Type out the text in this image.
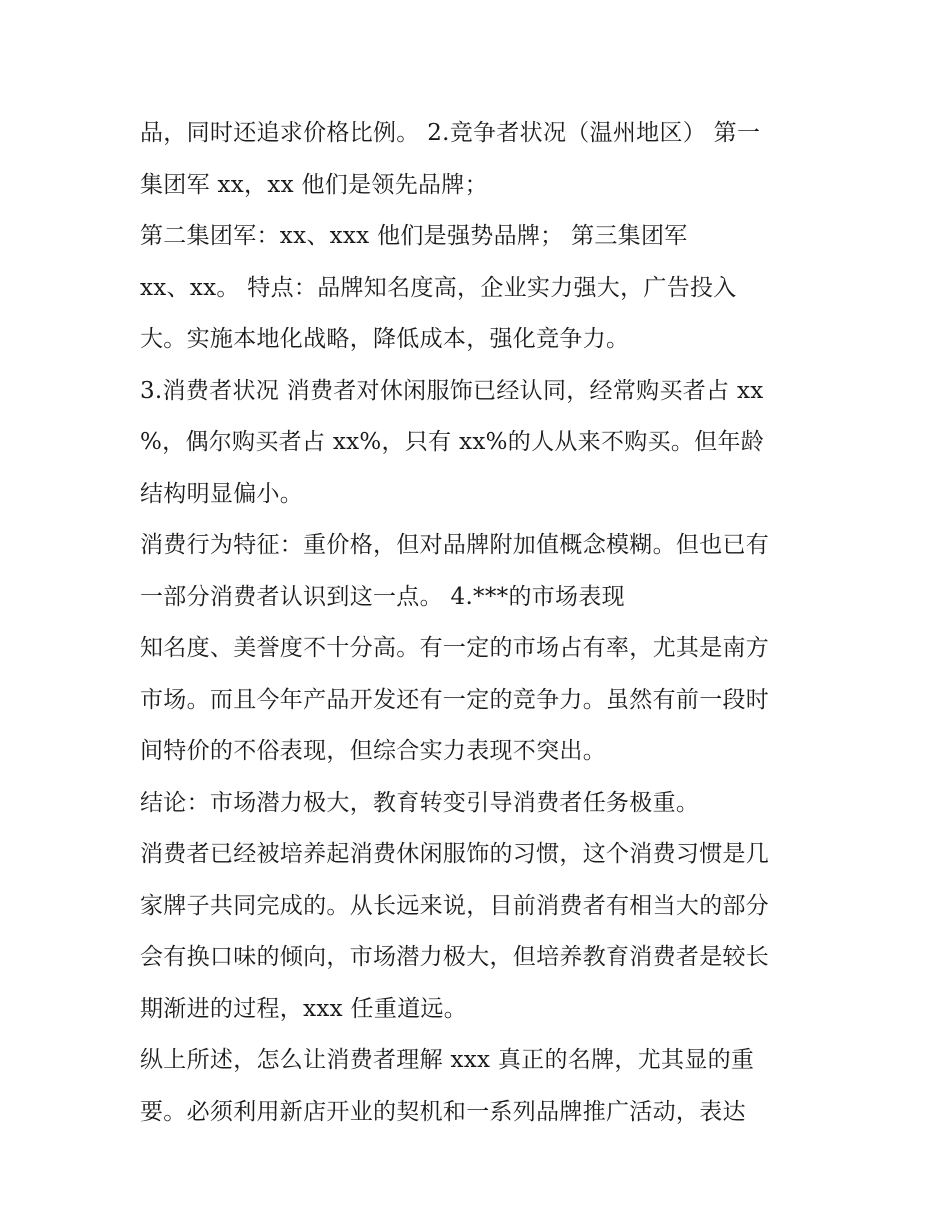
品，同时还追求价格比例。 2.竞争者状况（温州地区） 第一
集团军 xx，xx 他们是领先品牌；
第二集团军：xx、xxx 他们是强势品牌； 第三集团军
xx、xx。 特点：品牌知名度高，企业实力强大，广告投入
大。实施本地化战略，降低成本，强化竞争力。
3.消费者状况 消费者对休闲服饰已经认同，经常购买者占 xx
%，偶尔购买者占 xx%，只有 xx%的人从来不购买。但年龄
结构明显偏小。
消费行为特征：重价格，但对品牌附加值概念模糊。但也已有
一部分消费者认识到这一点。 4.***的市场表现
知名度、美誉度不十分高。有一定的市场占有率，尤其是南方
市场。而且今年产品开发还有一定的竞争力。虽然有前一段时
间特价的不俗表现，但综合实力表现不突出。
结论：市场潜力极大，教育转变引导消费者任务极重。
消费者已经被培养起消费休闲服饰的习惯，这个消费习惯是几
家牌子共同完成的。从长远来说，目前消费者有相当大的部分
会有换口味的倾向，市场潜力极大，但培养教育消费者是较长
期渐进的过程，xxx 任重道远。
纵上所述，怎么让消费者理解 xxx 真正的名牌，尤其显的重
要。必须利用新店开业的契机和一系列品牌推广活动，表达
